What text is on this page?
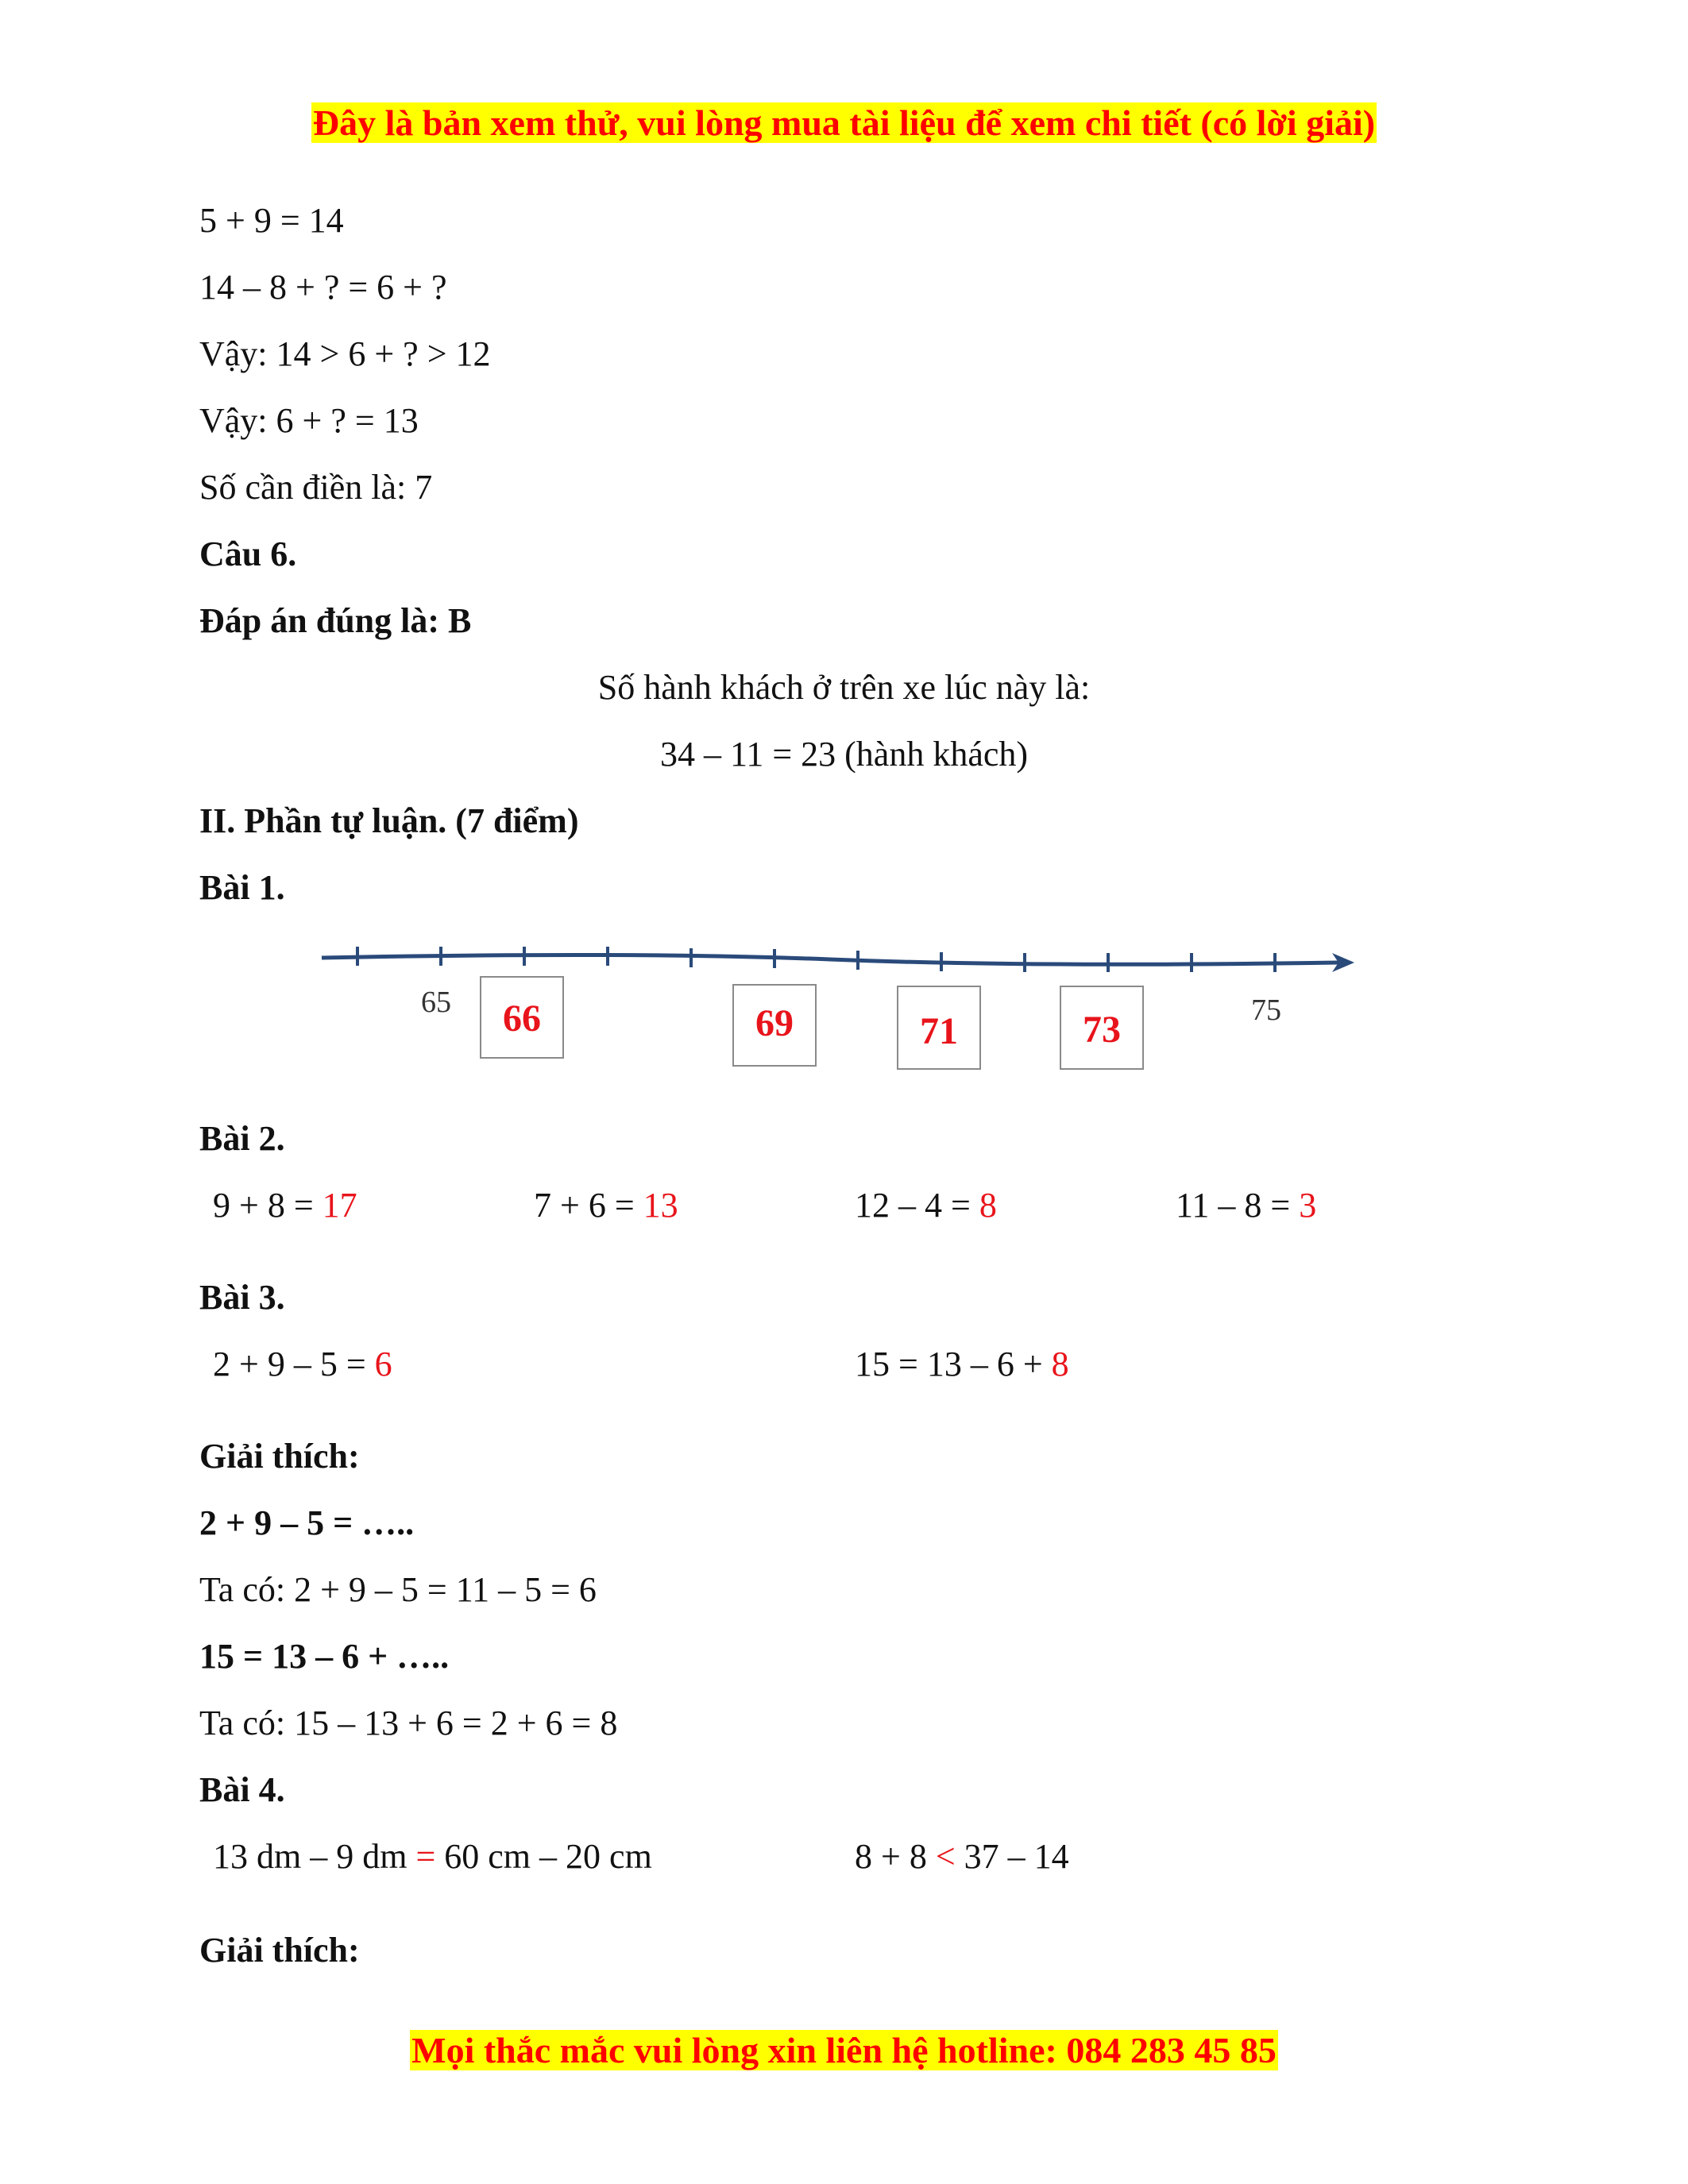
Đây là bản xem thử, vui lòng mua tài liệu để xem chi tiết (có lời giải)
5 + 9 = 14
14 – 8 + ? = 6 + ?
Vậy: 14 > 6 + ? > 12
Vậy: 6 + ? = 13
Số cần điền là: 7
Câu 6.
Đáp án đúng là: B
Số hành khách ở trên xe lúc này là:
34 – 11 = 23 (hành khách)
II. Phần tự luận. (7 điểm)
Bài 1.
65	75
66	69	71	73
Bài 2.
9 + 8 = 17	7 + 6 = 13	12 – 4 = 8	11 – 8 = 3
Bài 3.
2 + 9 – 5 = 6	15 = 13 – 6 + 8
Giải thích:
2 + 9 – 5 = …..
Ta có: 2 + 9 – 5 = 11 – 5 = 6
15 = 13 – 6 + …..
Ta có: 15 – 13 + 6 = 2 + 6 = 8
Bài 4.
13 dm – 9 dm = 60 cm – 20 cm	8 + 8 < 37 – 14
Giải thích:
Mọi thắc mắc vui lòng xin liên hệ hotline: 084 283 45 85
